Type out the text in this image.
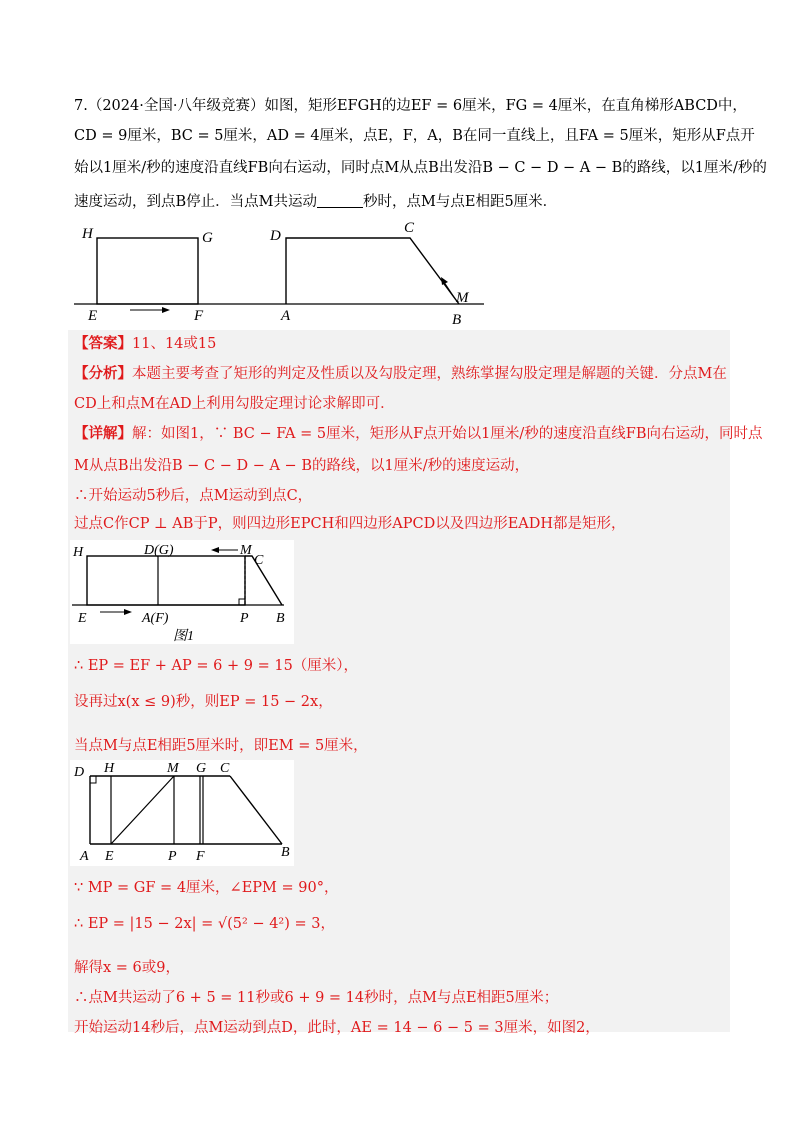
7.（2024·全国·八年级竞赛）如图，矩形EFGH的边EF = 6厘米，FG = 4厘米，在直角梯形ABCD中，
CD = 9厘米，BC = 5厘米，AD = 4厘米，点E，F，A，B在同一直线上，且FA = 5厘米，矩形从F点开
始以1厘米/秒的速度沿直线FB向右运动，同时点M从点B出发沿B − C − D − A − B的路线，以1厘米/秒的
速度运动，到点B停止．当点M共运动	秒时，点M与点E相距5厘米．
H	G	D	C
M
E	F	A	B
【答案】11、14或15
【分析】本题主要考查了矩形的判定及性质以及勾股定理，熟练掌握勾股定理是解题的关键．分点M在
CD上和点M在AD上利用勾股定理讨论求解即可．
【详解】解：如图1，∵ BC − FA = 5厘米，矩形从F点开始以1厘米/秒的速度沿直线FB向右运动，同时点
M从点B出发沿B − C − D − A − B的路线，以1厘米/秒的速度运动，
∴开始运动5秒后，点M运动到点C，
过点C作CP ⊥ AB于P，则四边形EPCH和四边形APCD以及四边形EADH都是矩形，
H	D(G)	M
C
E	A(F)	P B
图1
∴ EP = EF + AP = 6 + 9 = 15（厘米），
设再过x(x ≤ 9)秒，则EP = 15 − 2x，
当点M与点E相距5厘米时，即EM = 5厘米，
D H	M G C
A E	P F	B
∵ MP = GF = 4厘米，∠EPM = 90°，
∴ EP = |15 − 2x| = √(5² − 4²) = 3，
解得x = 6或9，
∴点M共运动了6 + 5 = 11秒或6 + 9 = 14秒时，点M与点E相距5厘米；
开始运动14秒后，点M运动到点D，此时，AE = 14 − 6 − 5 = 3厘米，如图2，
